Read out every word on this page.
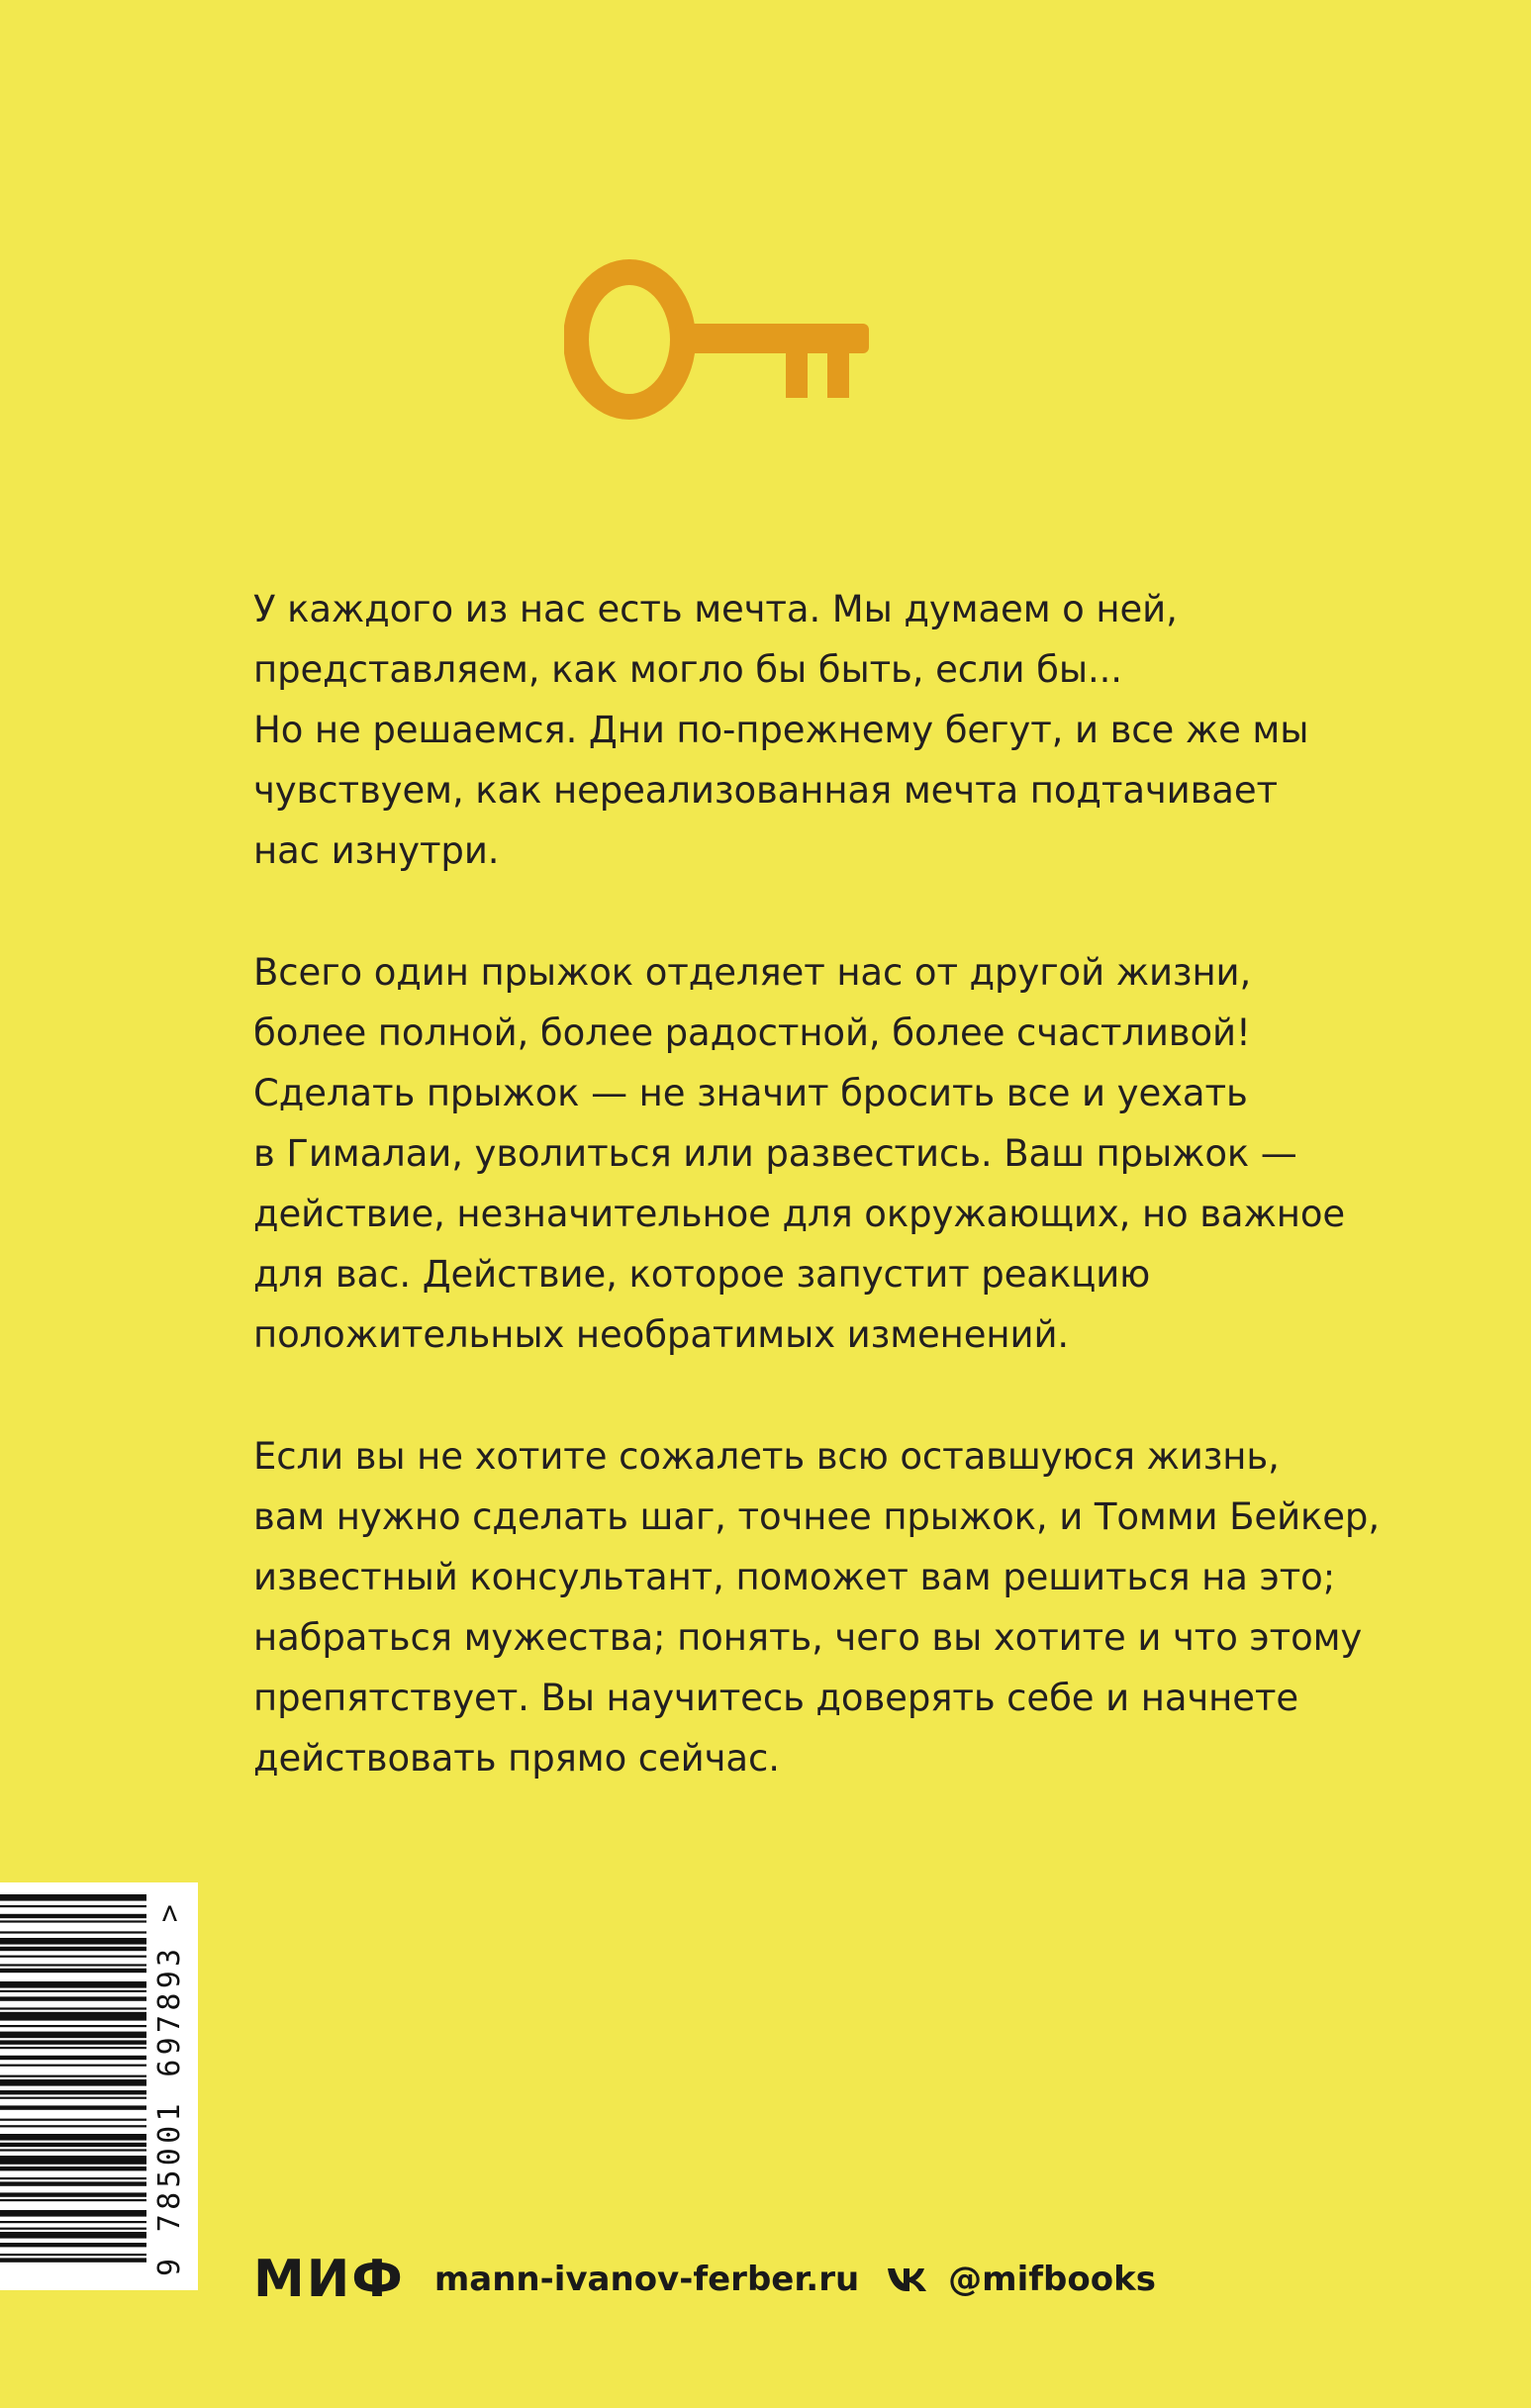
У каждого из нас есть мечта. Мы думаем о ней,
представляем, как могло бы быть, если бы...
Но не решаемся. Дни по-прежнему бегут, и все же мы
чувствуем, как нереализованная мечта подтачивает
нас изнутри.

Всего один прыжок отделяет нас от другой жизни,
более полной, более радостной, более счастливой!
Сделать прыжок — не значит бросить все и уехать
в Гималаи, уволиться или развестись. Ваш прыжок —
действие, незначительное для окружающих, но важное
для вас. Действие, которое запустит реакцию
положительных необратимых изменений.

Если вы не хотите сожалеть всю оставшуюся жизнь,
вам нужно сделать шаг, точнее прыжок, и Томми Бейкер,
известный консультант, поможет вам решиться на это;
набраться мужества; понять, чего вы хотите и что этому
препятствует. Вы научитесь доверять себе и начнете
действовать прямо сейчас.

9 785001 697893 >
МИФ mann-ivanov-ferber.ru	@mifbooks
